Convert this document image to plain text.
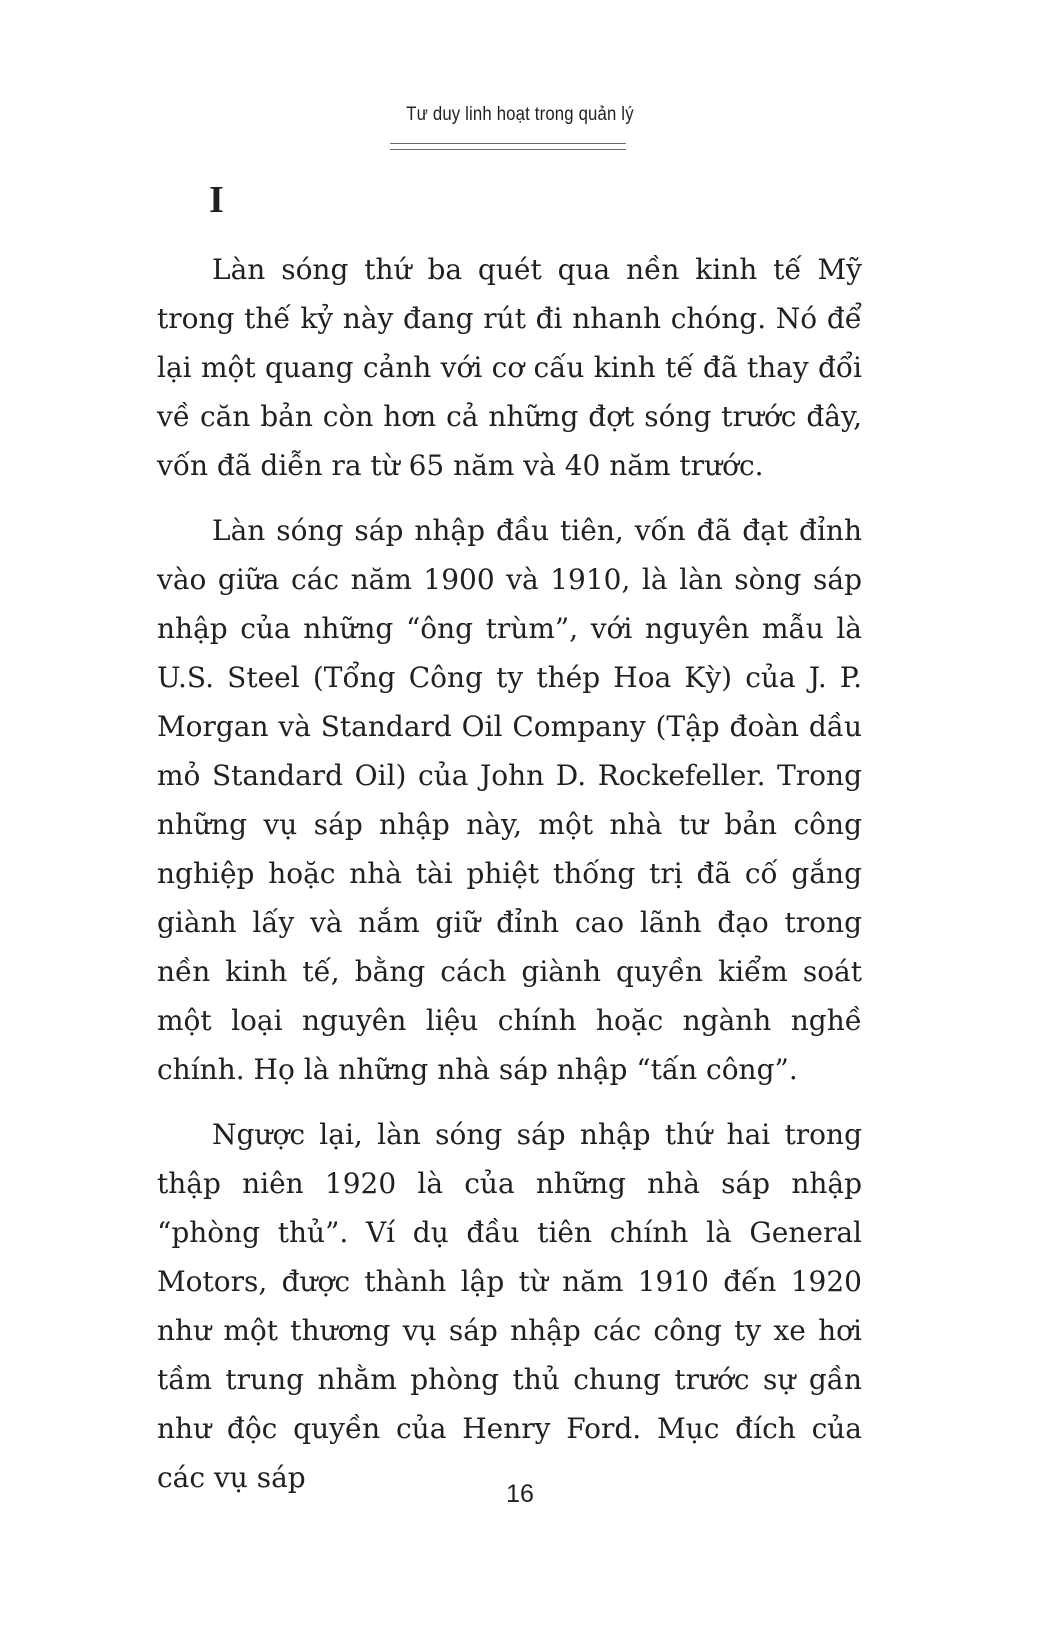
Tư duy linh hoạt trong quản lý
I

Làn sóng thứ ba quét qua nền kinh tế Mỹ trong thế kỷ này đang rút đi nhanh chóng. Nó để lại một quang cảnh với cơ cấu kinh tế đã thay đổi về căn bản còn hơn cả những đợt sóng trước đây, vốn đã diễn ra từ 65 năm và 40 năm trước.

Làn sóng sáp nhập đầu tiên, vốn đã đạt đỉnh vào giữa các năm 1900 và 1910, là làn sòng sáp nhập của những “ông trùm”, với nguyên mẫu là U.S. Steel (Tổng Công ty thép Hoa Kỳ) của J. P. Morgan và Standard Oil Company (Tập đoàn dầu mỏ Standard Oil) của John D. Rockefeller. Trong những vụ sáp nhập này, một nhà tư bản công nghiệp hoặc nhà tài phiệt thống trị đã cố gắng giành lấy và nắm giữ đỉnh cao lãnh đạo trong nền kinh tế, bằng cách giành quyền kiểm soát một loại nguyên liệu chính hoặc ngành nghề chính. Họ là những nhà sáp nhập “tấn công”.

Ngược lại, làn sóng sáp nhập thứ hai trong thập niên 1920 là của những nhà sáp nhập “phòng thủ”. Ví dụ đầu tiên chính là General Motors, được thành lập từ năm 1910 đến 1920 như một thương vụ sáp nhập các công ty xe hơi tầm trung nhằm phòng thủ chung trước sự gần như độc quyền của Henry Ford. Mục đích của các vụ sáp	16
